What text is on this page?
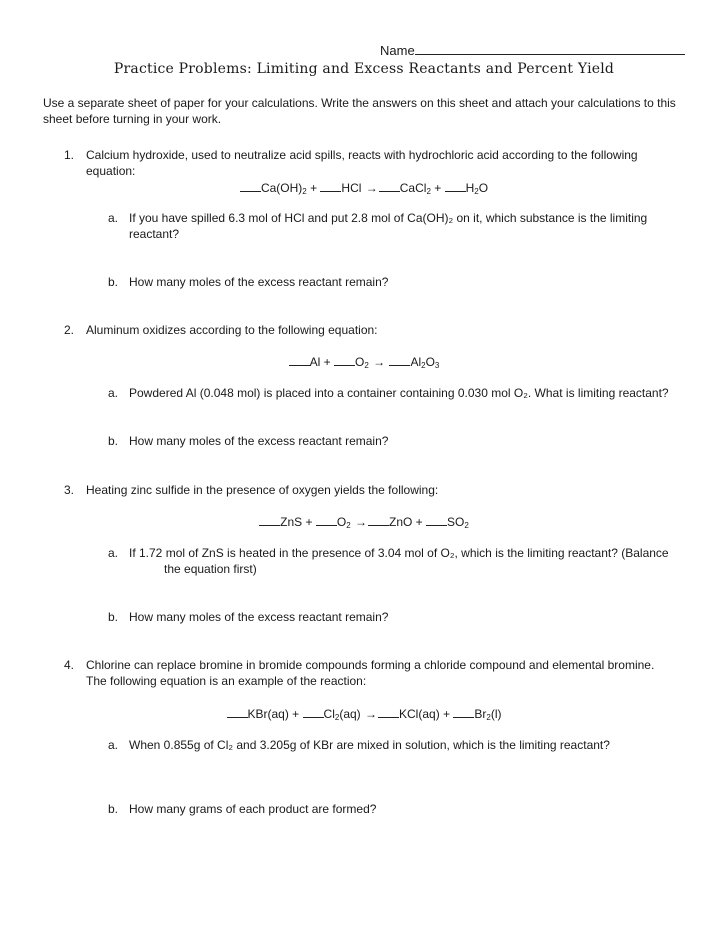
Name
Practice Problems: Limiting and Excess Reactants and Percent Yield
Use a separate sheet of paper for your calculations. Write the answers on this sheet and attach your calculations to this sheet before turning in your work.
1. Calcium hydroxide, used to neutralize acid spills, reacts with hydrochloric acid according to the following
equation:
$Ca(OH)_2$ + HCl → CaCl$_2$ + $H_2O$
a. If you have spilled 6.3 mol of HCl and put 2.8 mol of Ca(OH)₂ on it, which substance is the limiting
reactant?
b. How many moles of the excess reactant remain?
2. Aluminum oxidizes according to the following equation:
$Al + O_2 \to Al_2O_3$
a. Powdered Al (0.048 mol) is placed into a container containing 0.030 mol O₂. What is limiting reactant?
b. How many moles of the excess reactant remain?
3. Heating zinc sulfide in the presence of oxygen yields the following:
ZnS + $O_2$ → ZnO + $SO_2$
a. If 1.72 mol of ZnS is heated in the presence of 3.04 mol of O₂, which is the limiting reactant? (Balance
the equation first)
b. How many moles of the excess reactant remain?
4. Chlorine can replace bromine in bromide compounds forming a chloride compound and elemental bromine.
The following equation is an example of the reaction:
$KBr(aq) + Cl_2(aq) \to KCl(aq) + Br_2(l)$
a. When 0.855g of Cl₂ and 3.205g of KBr are mixed in solution, which is the limiting reactant?
b. How many grams of each product are formed?
